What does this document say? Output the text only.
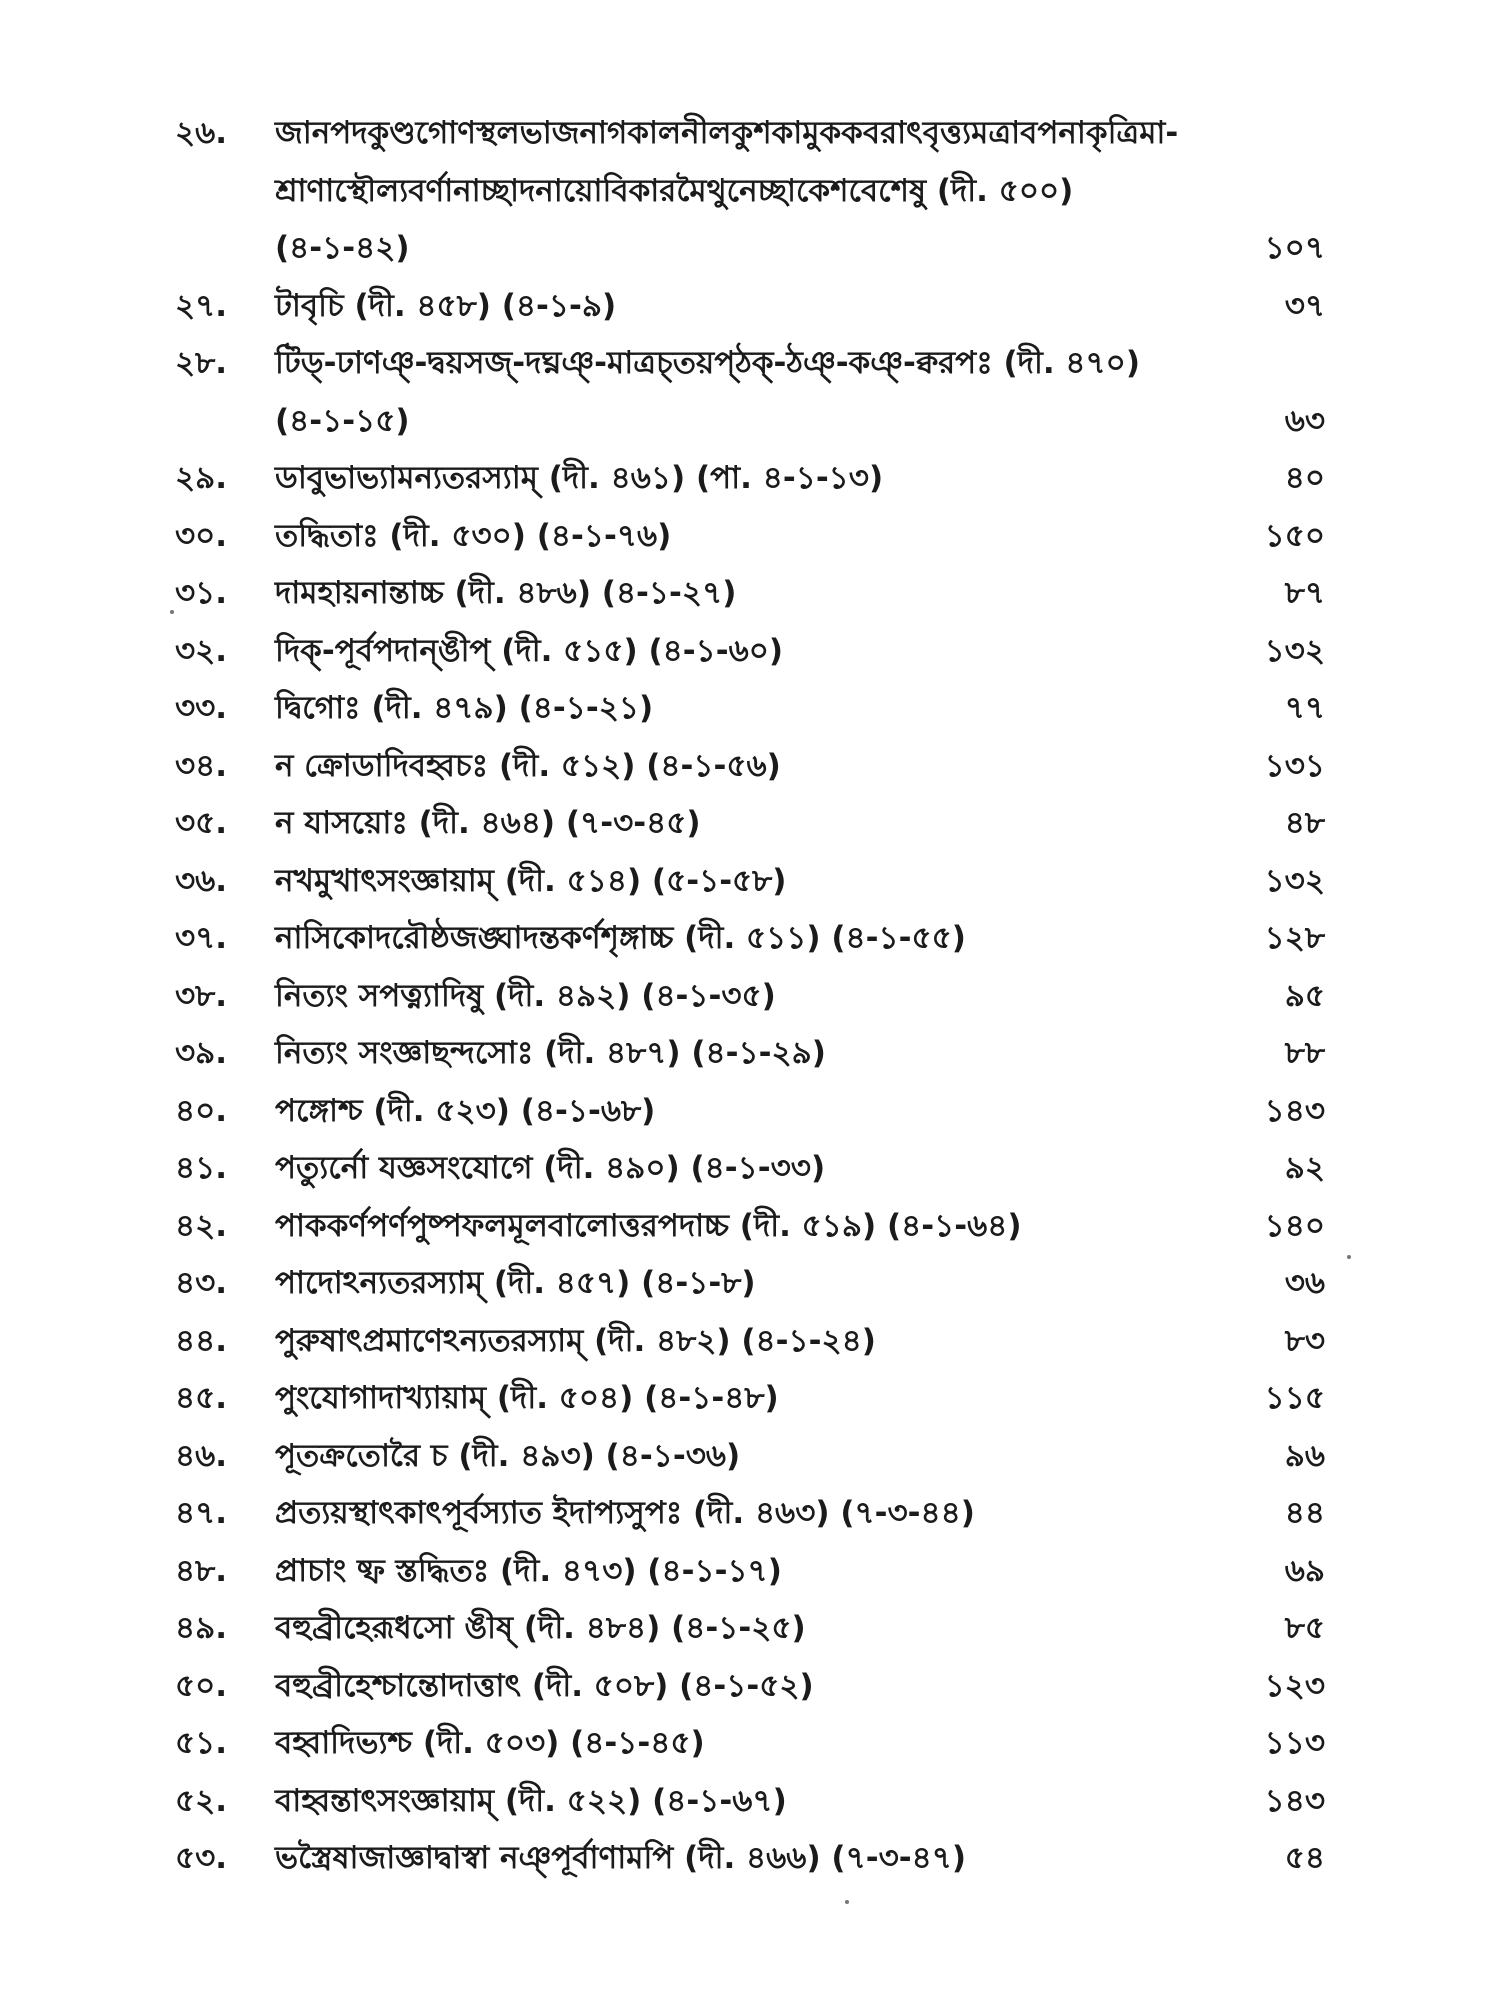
২৬.	জানপদকুণ্ডগোণস্থলভাজনাগকালনীলকুশকামুককবরাৎবৃত্ত্যমত্রাবপনাকৃত্রিমা-
শ্রাণাস্থৌল্যবর্ণানাচ্ছাদনায়োবিকারমৈথুনেচ্ছাকেশবেশেষু (দী. ৫০০)
(৪-১-৪২)	১০৭
২৭.	টাবৃচি (দী. ৪৫৮) (৪-১-৯)	৩৭
২৮.	টিড্-ঢাণঞ্-দ্বয়সজ্-দঘ্নঞ্-মাত্রচ্তয়প্ঠক্-ঠঞ্-কঞ্-ক্বরপঃ (দী. ৪৭০)
(৪-১-১৫)	৬৩
২৯.	ডাবুভাভ্যামন্যতরস্যাম্ (দী. ৪৬১) (পা. ৪-১-১৩)	৪০
৩০.	তদ্ধিতাঃ (দী. ৫৩০) (৪-১-৭৬)	১৫০
৩১.	দামহায়নান্তাচ্চ (দী. ৪৮৬) (৪-১-২৭)	৮৭
৩২.	দিক্-পূর্বপদান্ঙীপ্ (দী. ৫১৫) (৪-১-৬০)	১৩২
৩৩.	দ্বিগোঃ (দী. ৪৭৯) (৪-১-২১)	৭৭
৩৪.	ন ক্রোডাদিবহ্বচঃ (দী. ৫১২) (৪-১-৫৬)	১৩১
৩৫.	ন যাসয়োঃ (দী. ৪৬৪) (৭-৩-৪৫)	৪৮
৩৬.	নখমুখাৎসংজ্ঞায়াম্ (দী. ৫১৪) (৫-১-৫৮)	১৩২
৩৭.	নাসিকোদরৌষ্ঠজঙ্ঘাদন্তকর্ণশৃঙ্গাচ্চ (দী. ৫১১) (৪-১-৫৫)	১২৮
৩৮.	নিত্যং সপত্ন্যাদিষু (দী. ৪৯২) (৪-১-৩৫)	৯৫
৩৯.	নিত্যং সংজ্ঞাছন্দসোঃ (দী. ৪৮৭) (৪-১-২৯)	৮৮
৪০.	পঙ্গোশ্চ (দী. ৫২৩) (৪-১-৬৮)	১৪৩
৪১.	পত্যুর্নো যজ্ঞসংযোগে (দী. ৪৯০) (৪-১-৩৩)	৯২
৪২.	পাককর্ণপর্ণপুষ্পফলমূলবালোত্তরপদাচ্চ (দী. ৫১৯) (৪-১-৬৪)	১৪০
৪৩.	পাদোঽন্যতরস্যাম্ (দী. ৪৫৭) (৪-১-৮)	৩৬
৪৪.	পুরুষাৎপ্রমাণেঽন্যতরস্যাম্ (দী. ৪৮২) (৪-১-২৪)	৮৩
৪৫.	পুংযোগাদাখ্যায়াম্ (দী. ৫০৪) (৪-১-৪৮)	১১৫
৪৬.	পূতক্রতোরৈ চ (দী. ৪৯৩) (৪-১-৩৬)	৯৬
৪৭.	প্রত্যয়স্থাৎকাৎপূর্বস্যাত ইদাপ্যসুপঃ (দী. ৪৬৩) (৭-৩-৪৪)	৪৪
৪৮.	প্রাচাং ষ্ফ স্তদ্ধিতঃ (দী. ৪৭৩) (৪-১-১৭)	৬৯
৪৯.	বহুব্রীহেরূধসো ঙীষ্ (দী. ৪৮৪) (৪-১-২৫)	৮৫
৫০.	বহুব্রীহেশ্চান্তোদাত্তাৎ (দী. ৫০৮) (৪-১-৫২)	১২৩
৫১.	বহ্বাদিভ্যশ্চ (দী. ৫০৩) (৪-১-৪৫)	১১৩
৫২.	বাহ্বন্তাৎসংজ্ঞায়াম্ (দী. ৫২২) (৪-১-৬৭)	১৪৩
৫৩.	ভস্ত্রৈষাজাজ্ঞাদ্বাস্বা নঞ্পূর্বাণামপি (দী. ৪৬৬) (৭-৩-৪৭)	৫৪
